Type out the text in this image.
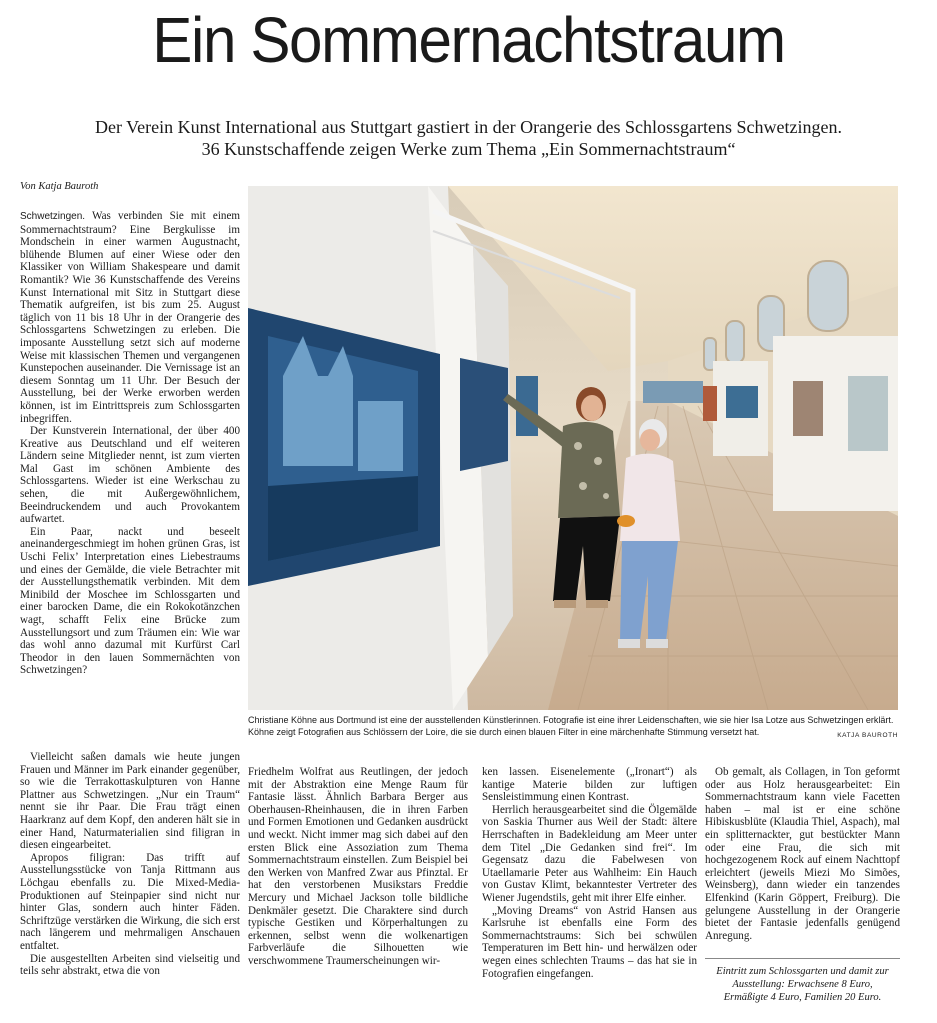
Ein Sommernachtstraum
Der Verein Kunst International aus Stuttgart gastiert in der Orangerie des Schlossgartens Schwetzingen.
36 Kunstschaffende zeigen Werke zum Thema „Ein Sommernachtstraum“
Von Katja Bauroth

Schwetzingen. Was verbinden Sie mit einem Sommernachtstraum? Eine Bergkulisse im Mondschein in einer warmen Augustnacht, blühende Blumen auf einer Wiese oder den Klassiker von William Shakespeare und damit Romantik? Wie 36 Kunstschaffende des Vereins Kunst International mit Sitz in Stuttgart diese Thematik aufgreifen, ist bis zum 25. August täglich von 11 bis 18 Uhr in der Orangerie des Schlossgartens Schwetzingen zu erleben. Die imposante Ausstellung setzt sich auf moderne Weise mit klassischen Themen und vergangenen Kunstepochen auseinander. Die Vernissage ist an diesem Sonntag um 11 Uhr. Der Besuch der Ausstellung, bei der Werke erworben werden können, ist im Eintrittspreis zum Schlossgarten inbegriffen.

Der Kunstverein International, der über 400 Kreative aus Deutschland und elf weiteren Ländern seine Mitglieder nennt, ist zum vierten Mal Gast im schönen Ambiente des Schlossgartens. Wieder ist eine Werkschau zu sehen, die mit Außergewöhnlichem, Beeindruckendem und auch Provokantem aufwartet.

Ein Paar, nackt und beseelt aneinandergeschmiegt im hohen grünen Gras, ist Uschi Felix’ Interpretation eines Liebestraums und eines der Gemälde, die viele Betrachter mit der Ausstellungsthematik verbinden. Mit dem Minibild der Moschee im Schlossgarten und einer barocken Dame, die ein Rokokotänzchen wagt, schafft Felix eine Brücke zum Ausstellungsort und zum Träumen ein: Wie war das wohl anno dazumal mit Kurfürst Carl Theodor in den lauen Sommernächten von Schwetzingen?

Vielleicht saßen damals wie heute jungen Frauen und Männer im Park einander gegenüber, so wie die Terrakottaskulpturen von Hanne Plattner aus Schwetzingen. „Nur ein Traum“ nennt sie ihr Paar. Die Frau trägt einen Haarkranz auf dem Kopf, den anderen hält sie in einer Hand, Naturmaterialien sind filigran in diesen eingearbeitet.

Apropos filigran: Das trifft auf Ausstellungsstücke von Tanja Rittmann aus Löchgau ebenfalls zu. Die Mixed-Media-Produktionen auf Steinpapier sind nicht nur hinter Glas, sondern auch hinter Fäden. Schriftzüge verstärken die Wirkung, die sich erst nach längerem und mehrmaligen Anschauen entfaltet.

Die ausgestellten Arbeiten sind vielseitig und teils sehr abstrakt, etwa die von

Christiane Köhne aus Dortmund ist eine der ausstellenden Künstlerinnen. Fotografie ist eine ihrer Leidenschaften, wie sie hier Isa Lotze aus Schwetzingen erklärt. Köhne zeigt Fotografien aus Schlössern der Loire, die sie durch einen blauen Filter in eine märchenhafte Stimmung versetzt hat.	KATJA BAUROTH

Friedhelm Wolfrat aus Reutlingen, der jedoch mit der Abstraktion eine Menge Raum für Fantasie lässt. Ähnlich Barbara Berger aus Oberhausen-Rheinhausen, die in ihren Farben und Formen Emotionen und Gedanken ausdrückt und weckt. Nicht immer mag sich dabei auf den ersten Blick eine Assoziation zum Thema Sommernachtstraum einstellen. Zum Beispiel bei den Werken von Manfred Zwar aus Pfinztal. Er hat den verstorbenen Musikstars Freddie Mercury und Michael Jackson tolle bildliche Denkmäler gesetzt. Die Charaktere sind durch typische Gestiken und Körperhaltungen zu erkennen, selbst wenn die wolkenartigen Farbverläufe die Silhouetten wie verschwommene Traumerscheinungen wir-

ken lassen. Eisenelemente („Ironart“) als kantige Materie bilden zur luftigen Sensleistimmung einen Kontrast.

Herrlich herausgearbeitet sind die Ölgemälde von Saskia Thurner aus Weil der Stadt: ältere Herrschaften in Badekleidung am Meer unter dem Titel „Die Gedanken sind frei“. Im Gegensatz dazu die Fabelwesen von Utaellamarie Peter aus Wahlheim: Ein Hauch von Gustav Klimt, bekanntester Vertreter des Wiener Jugendstils, geht mit ihrer Elfe einher.

„Moving Dreams“ von Astrid Hansen aus Karlsruhe ist ebenfalls eine Form des Sommernachtstraums: Sich bei schwülen Temperaturen im Bett hin- und herwälzen oder wegen eines schlechten Traums – das hat sie in Fotografien eingefangen.

Ob gemalt, als Collagen, in Ton geformt oder aus Holz herausgearbeitet: Ein Sommernachtstraum kann viele Facetten haben – mal ist er eine schöne Hibiskusblüte (Klaudia Thiel, Aspach), mal ein splitternackter, gut bestückter Mann oder eine Frau, die sich mit hochgezogenem Rock auf einem Nachttopf erleichtert (jeweils Miezi Mo Simões, Weinsberg), dann wieder ein tanzendes Elfenkind (Karin Göppert, Freiburg). Die gelungene Ausstellung in der Orangerie bietet der Fantasie jedenfalls genügend Anregung.

Eintritt zum Schlossgarten und damit zur Ausstellung: Erwachsene 8 Euro,
Ermäßigte 4 Euro, Familien 20 Euro.
